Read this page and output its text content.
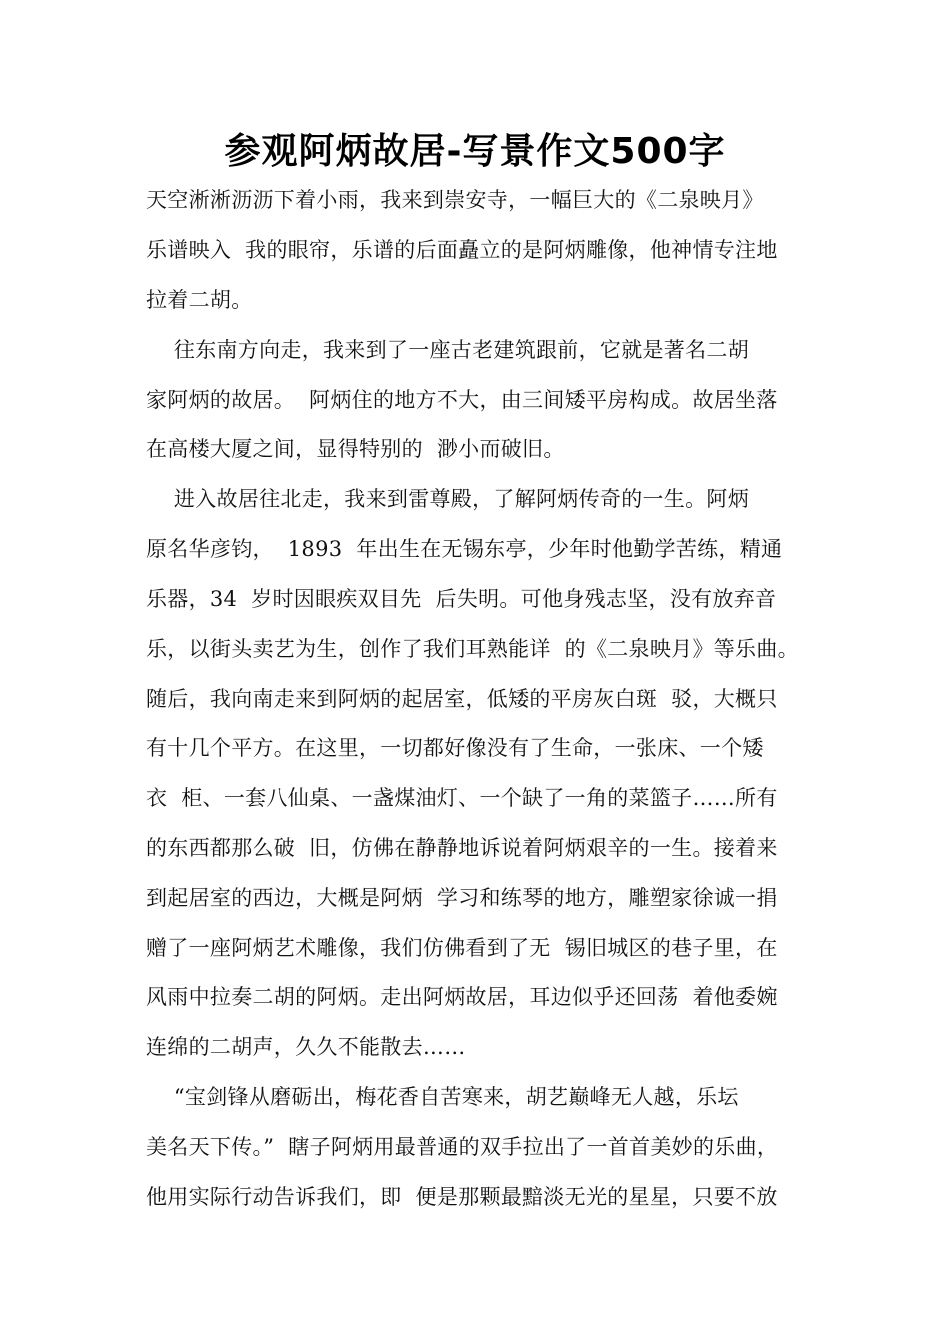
参观阿炳故居-写景作文500字
天空淅淅沥沥下着小雨，我来到崇安寺，一幅巨大的《二泉映月》
乐谱映入  我的眼帘，乐谱的后面矗立的是阿炳雕像，他神情专注地
拉着二胡。
往东南方向走，我来到了一座古老建筑跟前，它就是著名二胡
家阿炳的故居。  阿炳住的地方不大，由三间矮平房构成。故居坐落
在高楼大厦之间，显得特别的  渺小而破旧。
进入故居往北走，我来到雷尊殿，了解阿炳传奇的一生。阿炳
原名华彦钧，  1893  年出生在无锡东亭，少年时他勤学苦练，精通
乐器，34  岁时因眼疾双目先  后失明。可他身残志坚，没有放弃音
乐，以街头卖艺为生，创作了我们耳熟能详  的《二泉映月》等乐曲。
随后，我向南走来到阿炳的起居室，低矮的平房灰白斑  驳，大概只
有十几个平方。在这里，一切都好像没有了生命，一张床、一个矮
衣  柜、一套八仙桌、一盏煤油灯、一个缺了一角的菜篮子……所有
的东西都那么破  旧，仿佛在静静地诉说着阿炳艰辛的一生。接着来
到起居室的西边，大概是阿炳  学习和练琴的地方，雕塑家徐诚一捐
赠了一座阿炳艺术雕像，我们仿佛看到了无  锡旧城区的巷子里，在
风雨中拉奏二胡的阿炳。走出阿炳故居，耳边似乎还回荡  着他委婉
连绵的二胡声，久久不能散去……
“宝剑锋从磨砺出，梅花香自苦寒来，胡艺巅峰无人越，乐坛
美名天下传。”  瞎子阿炳用最普通的双手拉出了一首首美妙的乐曲，
他用实际行动告诉我们，即  便是那颗最黯淡无光的星星，只要不放
